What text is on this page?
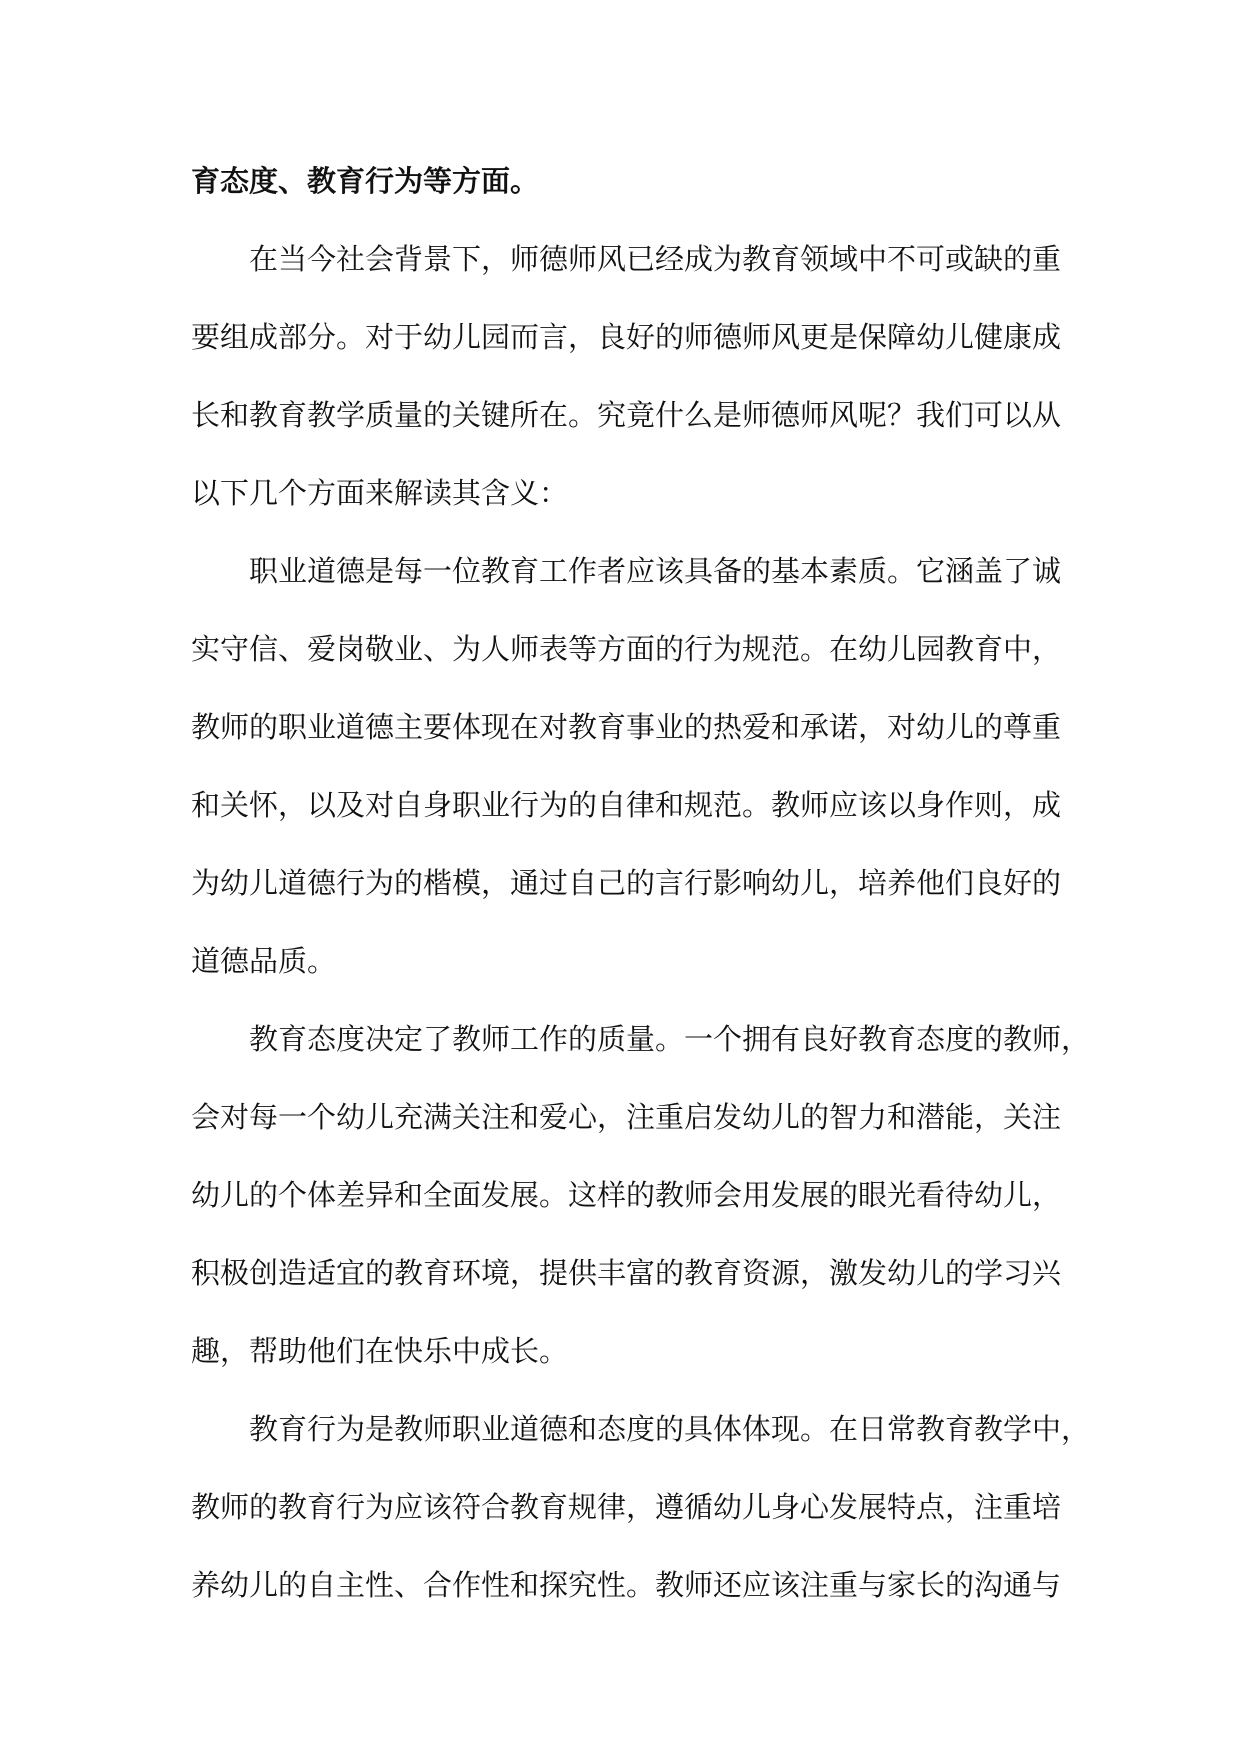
育态度、教育行为等方面。

在当今社会背景下，师德师风已经成为教育领域中不可或缺的重
要组成部分。对于幼儿园而言，良好的师德师风更是保障幼儿健康成
长和教育教学质量的关键所在。究竟什么是师德师风呢？我们可以从
以下几个方面来解读其含义：
职业道德是每一位教育工作者应该具备的基本素质。它涵盖了诚
实守信、爱岗敬业、为人师表等方面的行为规范。在幼儿园教育中，
教师的职业道德主要体现在对教育事业的热爱和承诺，对幼儿的尊重
和关怀，以及对自身职业行为的自律和规范。教师应该以身作则，成
为幼儿道德行为的楷模，通过自己的言行影响幼儿，培养他们良好的
道德品质。
教育态度决定了教师工作的质量。一个拥有良好教育态度的教师，
会对每一个幼儿充满关注和爱心，注重启发幼儿的智力和潜能，关注
幼儿的个体差异和全面发展。这样的教师会用发展的眼光看待幼儿，
积极创造适宜的教育环境，提供丰富的教育资源，激发幼儿的学习兴
趣，帮助他们在快乐中成长。
教育行为是教师职业道德和态度的具体体现。在日常教育教学中，
教师的教育行为应该符合教育规律，遵循幼儿身心发展特点，注重培
养幼儿的自主性、合作性和探究性。教师还应该注重与家长的沟通与
